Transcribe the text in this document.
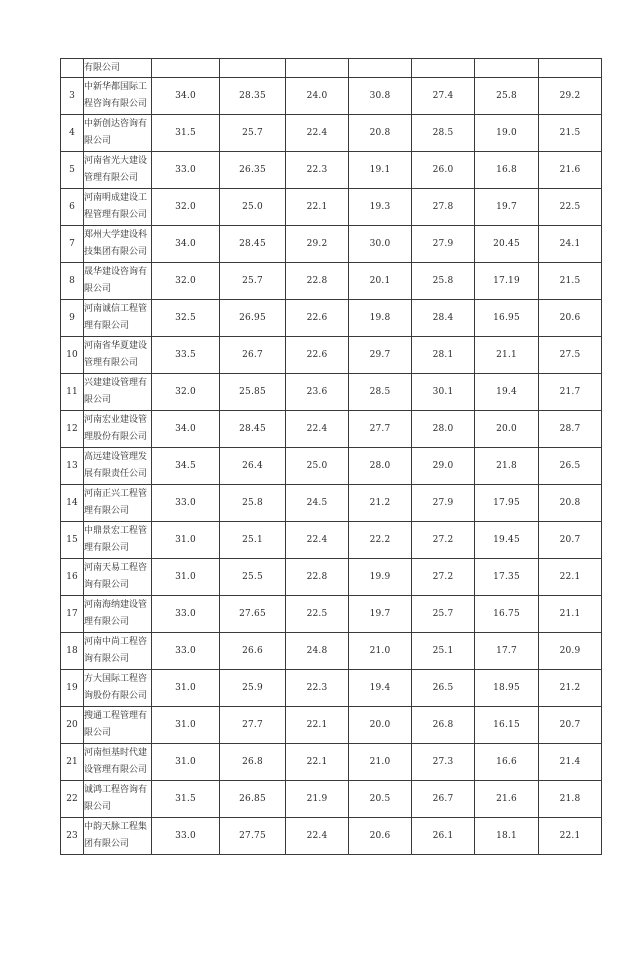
	有限公司							

3	中新华都国际工
程咨询有限公司	34.0	28.35	24.0	30.8	27.4	25.8	29.2
4	中新创达咨询有
限公司	31.5	25.7	22.4	20.8	28.5	19.0	21.5
5	河南省光大建设
管理有限公司	33.0	26.35	22.3	19.1	26.0	16.8	21.6
6	河南明成建设工
程管理有限公司	32.0	25.0	22.1	19.3	27.8	19.7	22.5
7	郑州大学建设科
技集团有限公司	34.0	28.45	29.2	30.0	27.9	20.45	24.1
8	晟华建设咨询有
限公司	32.0	25.7	22.8	20.1	25.8	17.19	21.5
9	河南诚信工程管
理有限公司	32.5	26.95	22.6	19.8	28.4	16.95	20.6
10	河南省华夏建设
管理有限公司	33.5	26.7	22.6	29.7	28.1	21.1	27.5
11	兴建建设管理有
限公司	32.0	25.85	23.6	28.5	30.1	19.4	21.7
12	河南宏业建设管
理股份有限公司	34.0	28.45	22.4	27.7	28.0	20.0	28.7
13	高远建设管理发
展有限责任公司	34.5	26.4	25.0	28.0	29.0	21.8	26.5
14	河南正兴工程管
理有限公司	33.0	25.8	24.5	21.2	27.9	17.95	20.8
15	中鼎景宏工程管
理有限公司	31.0	25.1	22.4	22.2	27.2	19.45	20.7
16	河南天易工程咨
询有限公司	31.0	25.5	22.8	19.9	27.2	17.35	22.1
17	河南海纳建设管
理有限公司	33.0	27.65	22.5	19.7	25.7	16.75	21.1
18	河南中尚工程咨
询有限公司	33.0	26.6	24.8	21.0	25.1	17.7	20.9
19	方大国际工程咨
询股份有限公司	31.0	25.9	22.3	19.4	26.5	18.95	21.2
20	搜通工程管理有
限公司	31.0	27.7	22.1	20.0	26.8	16.15	20.7
21	河南恒基时代建
设管理有限公司	31.0	26.8	22.1	21.0	27.3	16.6	21.4
22	诚鸿工程咨询有
限公司	31.5	26.85	21.9	20.5	26.7	21.6	21.8
23	中韵天脉工程集
团有限公司	33.0	27.75	22.4	20.6	26.1	18.1	22.1
